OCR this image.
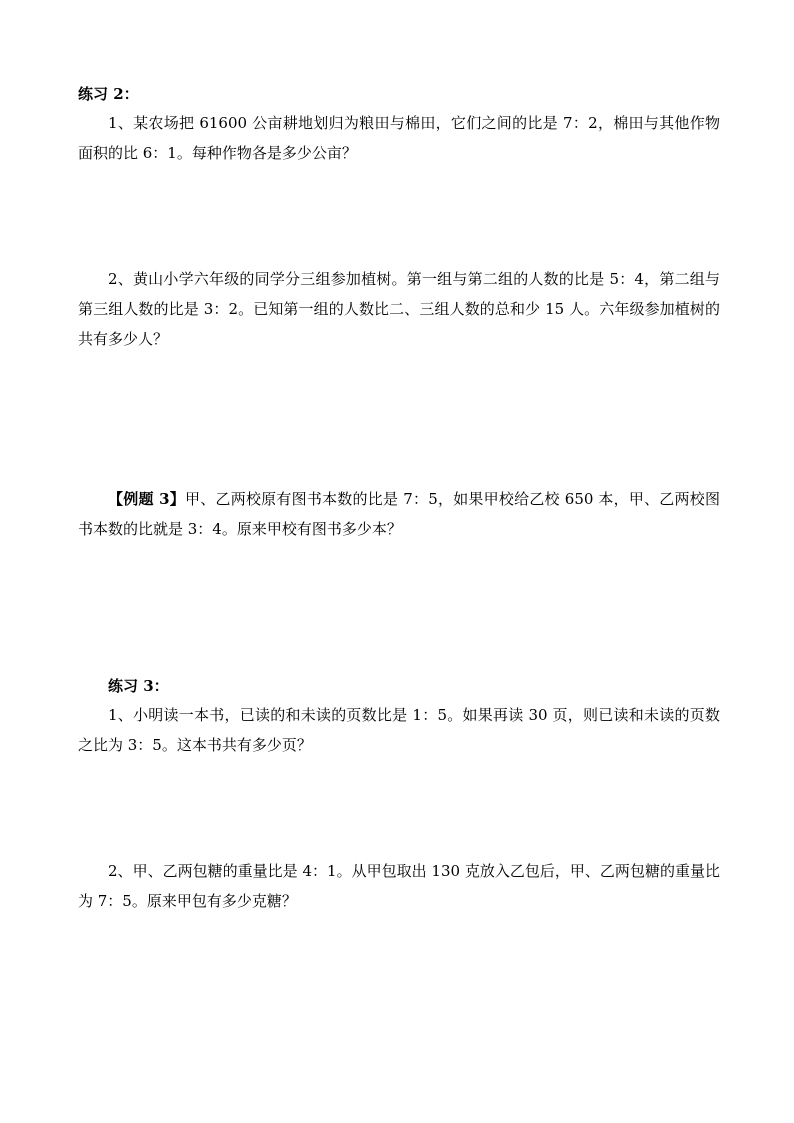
练习 2：

1、某农场把 61600 公亩耕地划归为粮田与棉田，它们之间的比是 7：2，棉田与其他作物面积的比 6：1。每种作物各是多少公亩？

2、黄山小学六年级的同学分三组参加植树。第一组与第二组的人数的比是 5：4，第二组与第三组人数的比是 3：2。已知第一组的人数比二、三组人数的总和少 15 人。六年级参加植树的共有多少人？

【例题 3】甲、乙两校原有图书本数的比是 7：5，如果甲校给乙校 650 本，甲、乙两校图书本数的比就是 3：4。原来甲校有图书多少本？

练习 3：

1、小明读一本书，已读的和未读的页数比是 1：5。如果再读 30 页，则已读和未读的页数之比为 3：5。这本书共有多少页？

2、甲、乙两包糖的重量比是 4：1。从甲包取出 130 克放入乙包后，甲、乙两包糖的重量比为 7：5。原来甲包有多少克糖？
